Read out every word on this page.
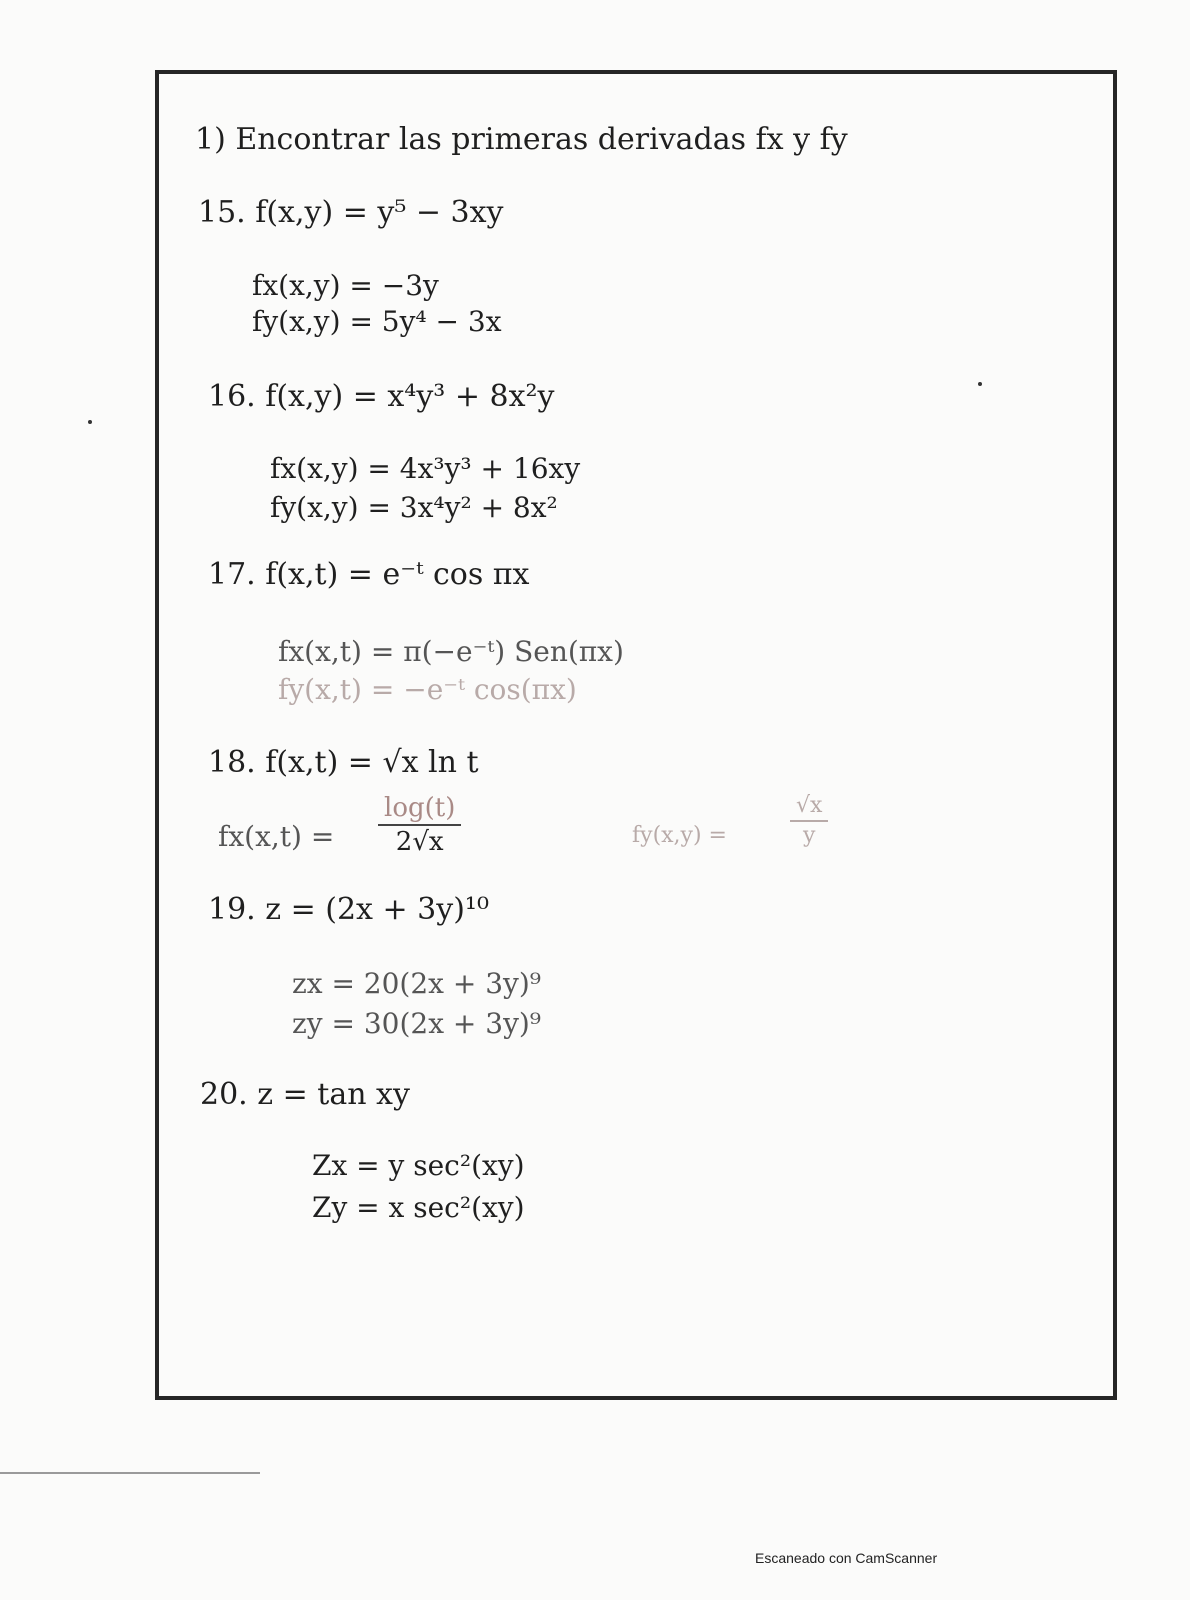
1) Encontrar las primeras derivadas fx y fy
15. f(x,y) = y⁵ − 3xy
fx(x,y) = −3y
fy(x,y) = 5y⁴ − 3x
16. f(x,y) = x⁴y³ + 8x²y
fx(x,y) = 4x³y³ + 16xy
fy(x,y) = 3x⁴y² + 8x²
17. f(x,t) = e⁻ᵗ cos πx
fx(x,t) = π(−e⁻ᵗ) Sen(πx)
fy(x,t) = −e⁻ᵗ cos(πx)
18. f(x,t) = √x ln t
fx(x,t) =
log(t)
2√x	fy(x,y) =
√x
y
19. z = (2x + 3y)¹⁰
zx = 20(2x + 3y)⁹
zy = 30(2x + 3y)⁹
20. z = tan xy
Zx = y sec²(xy)
Zy = x sec²(xy)
Escaneado con CamScanner
